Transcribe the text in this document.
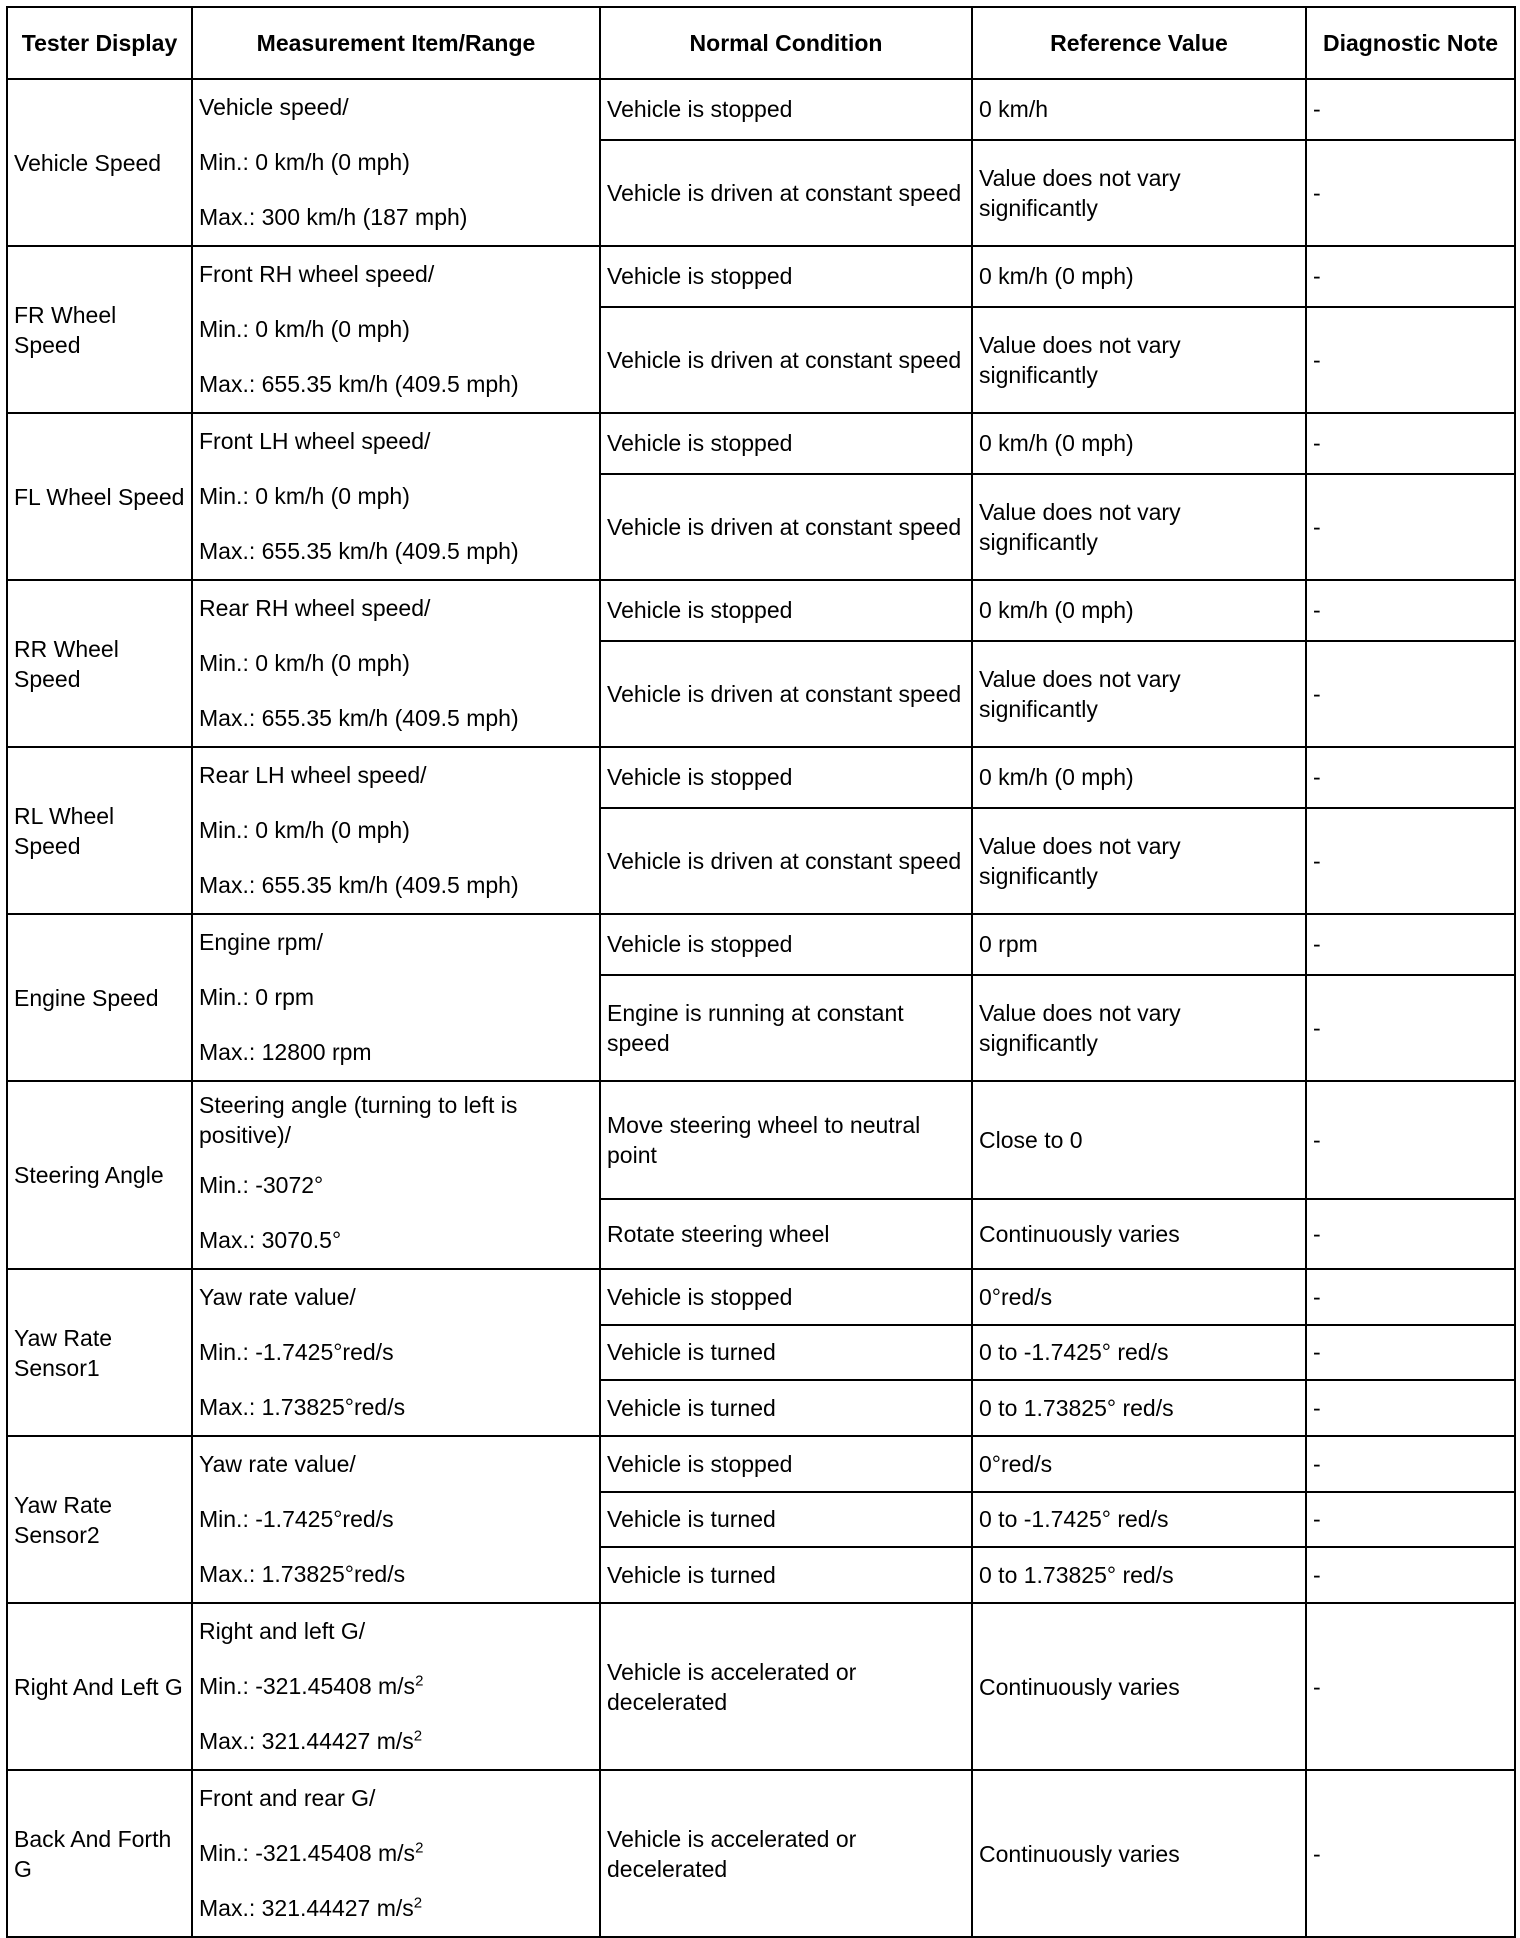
Tester Display	Measurement Item/Range	Normal Condition	Reference Value	Diagnostic Note
Vehicle Speed	Vehicle speed/
Min.: 0 km/h (0 mph)
Max.: 300 km/h (187 mph)	Vehicle is stopped	0 km/h	-
		Vehicle is driven at constant speed	Value does not vary significantly	-
FR Wheel Speed	Front RH wheel speed/
Min.: 0 km/h (0 mph)
Max.: 655.35 km/h (409.5 mph)	Vehicle is stopped	0 km/h (0 mph)	-
		Vehicle is driven at constant speed	Value does not vary significantly	-
FL Wheel Speed	Front LH wheel speed/
Min.: 0 km/h (0 mph)
Max.: 655.35 km/h (409.5 mph)	Vehicle is stopped	0 km/h (0 mph)	-
		Vehicle is driven at constant speed	Value does not vary significantly	-
RR Wheel Speed	Rear RH wheel speed/
Min.: 0 km/h (0 mph)
Max.: 655.35 km/h (409.5 mph)	Vehicle is stopped	0 km/h (0 mph)	-
		Vehicle is driven at constant speed	Value does not vary significantly	-
RL Wheel Speed	Rear LH wheel speed/
Min.: 0 km/h (0 mph)
Max.: 655.35 km/h (409.5 mph)	Vehicle is stopped	0 km/h (0 mph)	-
		Vehicle is driven at constant speed	Value does not vary significantly	-
Engine Speed	Engine rpm/
Min.: 0 rpm
Max.: 12800 rpm	Vehicle is stopped	0 rpm	-
		Engine is running at constant speed	Value does not vary significantly	-
Steering Angle	Steering angle (turning to left is positive)/
Min.: -3072°
Max.: 3070.5°	Move steering wheel to neutral point	Close to 0	-
		Rotate steering wheel	Continuously varies	-
Yaw Rate Sensor1	Yaw rate value/
Min.: -1.7425°red/s
Max.: 1.73825°red/s	Vehicle is stopped	0°red/s	-
		Vehicle is turned	0 to -1.7425° red/s	-
		Vehicle is turned	0 to 1.73825° red/s	-
Yaw Rate Sensor2	Yaw rate value/
Min.: -1.7425°red/s
Max.: 1.73825°red/s	Vehicle is stopped	0°red/s	-
		Vehicle is turned	0 to -1.7425° red/s	-
		Vehicle is turned	0 to 1.73825° red/s	-
Right And Left G	Right and left G/
Min.: -321.45408 $m/s^2$
Max.: 321.44427 $m/s^2$	Vehicle is accelerated or decelerated	Continuously varies	-
Back And Forth G	Front and rear G/
Min.: -321.45408 $m/s^2$
Max.: 321.44427 $m/s^2$	Vehicle is accelerated or decelerated	Continuously varies	-
